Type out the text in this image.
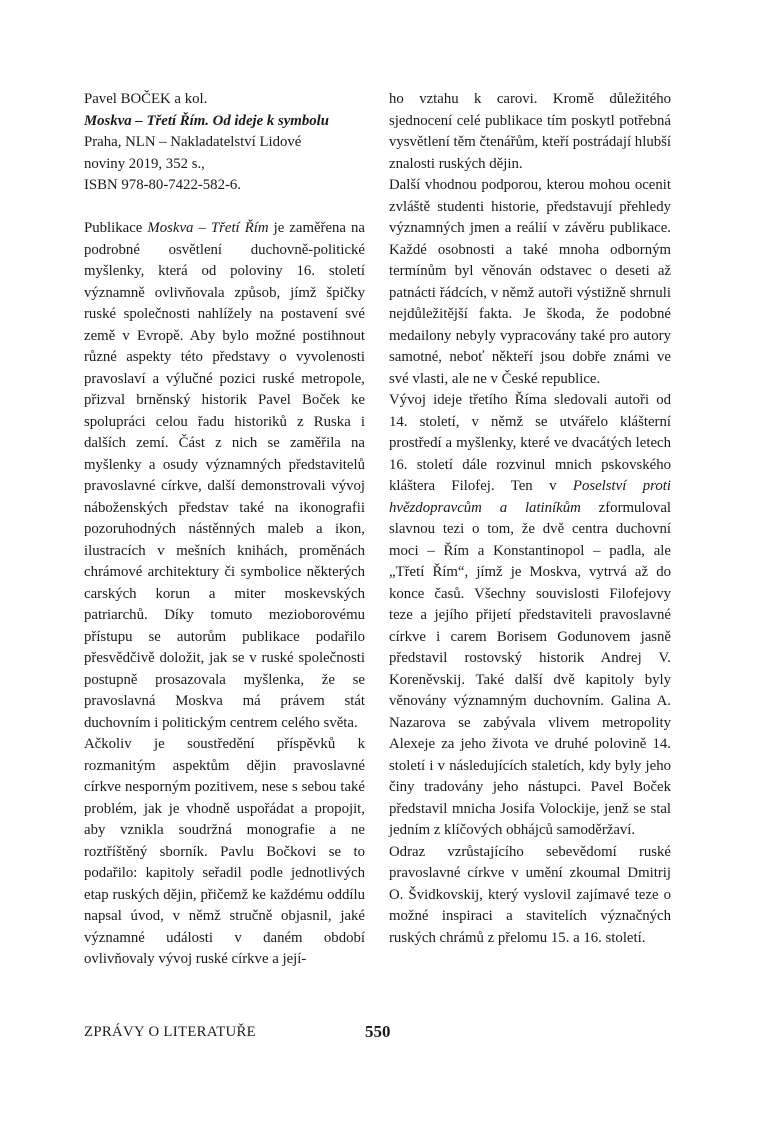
Pavel BOČEK a kol.
Moskva – Třetí Řím. Od ideje k symbolu
Praha, NLN – Nakladatelství Lidové
noviny 2019, 352 s.,
ISBN 978-80-7422-582-6.

Publikace Moskva – Třetí Řím je zaměřena na podrobné osvětlení duchovně-politické myšlenky, která od poloviny 16. století významně ovlivňovala způsob, jímž špičky ruské společnosti nahlížely na postavení své země v Evropě. Aby bylo možné postihnout různé aspekty této představy o vyvolenosti pravoslaví a výlučné pozici ruské metropole, přizval brněnský historik Pavel Boček ke spolupráci celou řadu historiků z Ruska i dalších zemí. Část z nich se zaměřila na myšlenky a osudy významných představitelů pravoslavné církve, další demonstrovali vývoj náboženských představ také na ikonografii pozoruhodných nástěnných maleb a ikon, ilustracích v mešních knihách, proměnách chrámové architektury či symbolice některých carských korun a miter moskevských patriarchů. Díky tomuto mezioborovému přístupu se autorům publikace podařilo přesvědčivě doložit, jak se v ruské společnosti postupně prosazovala myšlenka, že se pravoslavná Moskva má právem stát duchovním i politickým centrem celého světa.

Ačkoliv je soustředění příspěvků k rozmanitým aspektům dějin pravoslavné církve nesporným pozitivem, nese s sebou také problém, jak je vhodně uspořádat a propojit, aby vznikla soudržná monografie a ne roztříštěný sborník. Pavlu Bočkovi se to podařilo: kapitoly seřadil podle jednotlivých etap ruských dějin, přičemž ke každému oddílu napsal úvod, v němž stručně objasnil, jaké významné události v daném období ovlivňovaly vývoj ruské církve a její-

ho vztahu k carovi. Kromě důležitého sjednocení celé publikace tím poskytl potřebná vysvětlení těm čtenářům, kteří postrádají hlubší znalosti ruských dějin.

Další vhodnou podporou, kterou mohou ocenit zvláště studenti historie, představují přehledy významných jmen a reálií v závěru publikace. Každé osobnosti a také mnoha odborným termínům byl věnován odstavec o deseti až patnácti řádcích, v němž autoři výstižně shrnuli nejdůležitější fakta. Je škoda, že podobné medailony nebyly vypracovány také pro autory samotné, neboť někteří jsou dobře známi ve své vlasti, ale ne v České republice.

Vývoj ideje třetího Říma sledovali autoři od 14. století, v němž se utvářelo klášterní prostředí a myšlenky, které ve dvacátých letech 16. století dále rozvinul mnich pskovského kláštera Filofej. Ten v Poselství proti hvězdopravcům a latiníkům zformuloval slavnou tezi o tom, že dvě centra duchovní moci – Řím a Konstantinopol – padla, ale „Třetí Řím“, jímž je Moskva, vytrvá až do konce časů. Všechny souvislosti Filofejovy teze a jejího přijetí představiteli pravoslavné církve i carem Borisem Godunovem jasně představil rostovský historik Andrej V. Koreněvskij. Také další dvě kapitoly byly věnovány významným duchovním. Galina A. Nazarova se zabývala vlivem metropolity Alexeje za jeho života ve druhé polovině 14. století i v následujících staletích, kdy byly jeho činy tradovány jeho nástupci. Pavel Boček představil mnicha Josifa Volockije, jenž se stal jedním z klíčových obhájců samoděržaví.

Odraz vzrůstajícího sebevědomí ruské pravoslavné církve v umění zkoumal Dmitrij O. Švidkovskij, který vyslovil zajímavé teze o možné inspiraci a stavitelích význačných ruských chrámů z přelomu 15. a 16. století.

ZPRÁVY O LITERATUŘE	550
